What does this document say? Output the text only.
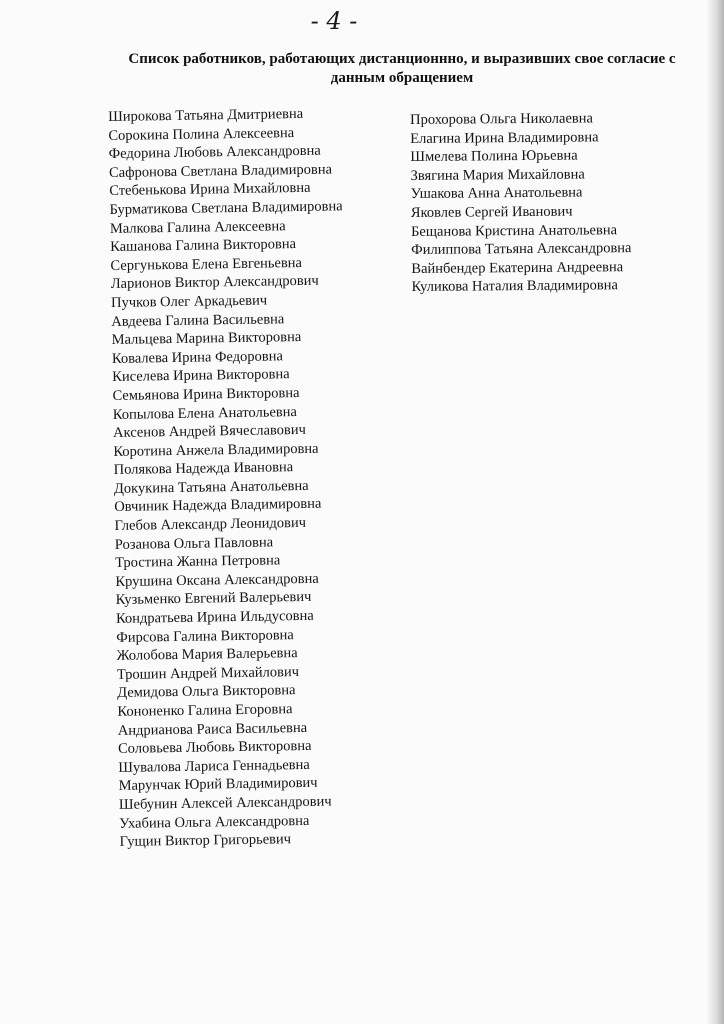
- 4 -
Список работников, работающих дистанционнно, и выразивших свое согласие с данным обращением
Широкова Татьяна Дмитриевна
Сорокина Полина Алексеевна
Федорина Любовь Александровна
Сафронова Светлана Владимировна
Стебенькова Ирина Михайловна
Бурматикова Светлана Владимировна
Малкова Галина Алексеевна
Кашанова Галина Викторовна
Сергунькова Елена Евгеньевна
Ларионов Виктор Александрович
Пучков Олег Аркадьевич
Авдеева Галина Васильевна
Мальцева Марина Викторовна
Ковалева Ирина Федоровна
Киселева Ирина Викторовна
Семьянова Ирина Викторовна
Копылова Елена Анатольевна
Аксенов Андрей Вячеславович
Коротина Анжела Владимировна
Полякова Надежда Ивановна
Докукина Татьяна Анатольевна
Овчиник Надежда Владимировна
Глебов Александр Леонидович
Розанова Ольга Павловна
Тростина Жанна Петровна
Крушина Оксана Александровна
Кузьменко Евгений Валерьевич
Кондратьева Ирина Ильдусовна
Фирсова Галина Викторовна
Жолобова Мария Валерьевна
Трошин Андрей Михайлович
Демидова Ольга Викторовна
Кононенко Галина Егоровна
Андрианова Раиса Васильевна
Соловьева Любовь Викторовна
Шувалова Лариса Геннадьевна
Марунчак Юрий Владимирович
Шебунин Алексей Александрович
Ухабина Ольга Александровна
Гущин Виктор Григорьевич
Прохорова Ольга Николаевна
Елагина Ирина Владимировна
Шмелева Полина Юрьевна
Звягина Мария Михайловна
Ушакова Анна Анатольевна
Яковлев Сергей Иванович
Бещанова Кристина Анатольевна
Филиппова Татьяна Александровна
Вайнбендер Екатерина Андреевна
Куликова Наталия Владимировна
